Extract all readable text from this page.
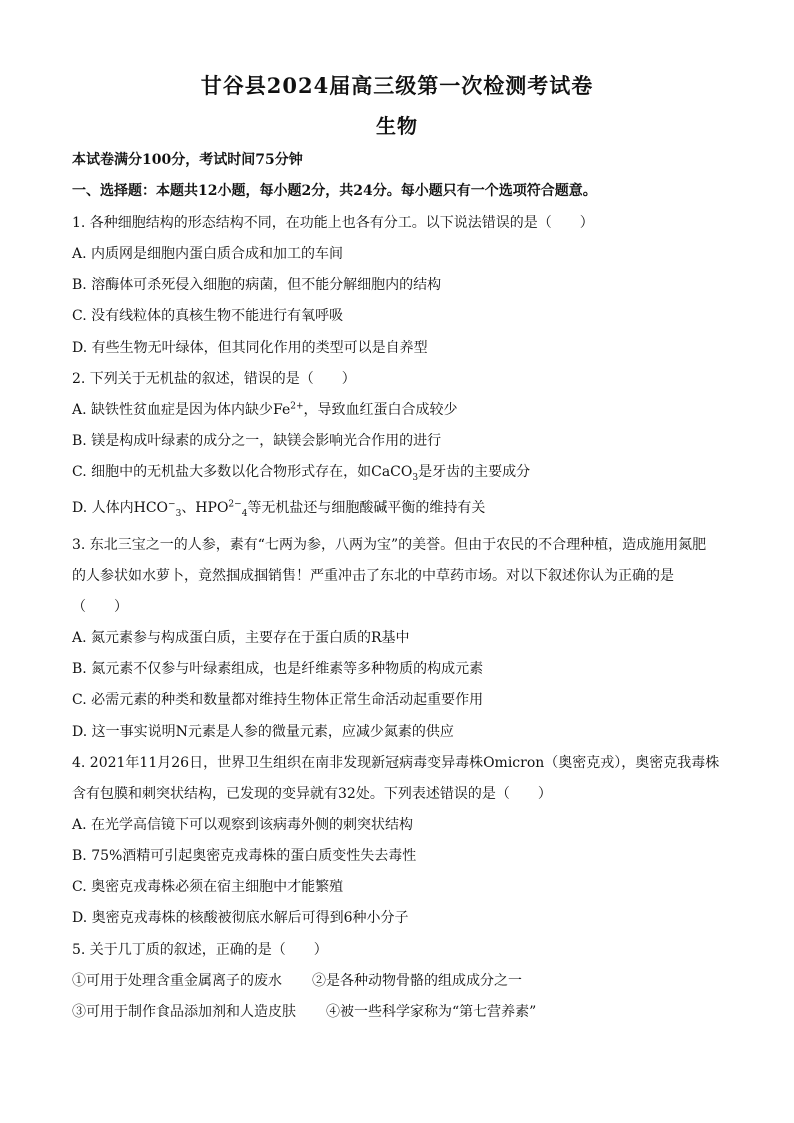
甘谷县2024届高三级第一次检测考试卷
生物
本试卷满分100分，考试时间75分钟
一、选择题：本题共12小题，每小题2分，共24分。每小题只有一个选项符合题意。
1. 各种细胞结构的形态结构不同，在功能上也各有分工。以下说法错误的是（　　）
A. 内质网是细胞内蛋白质合成和加工的车间
B. 溶酶体可杀死侵入细胞的病菌，但不能分解细胞内的结构
C. 没有线粒体的真核生物不能进行有氧呼吸
D. 有些生物无叶绿体，但其同化作用的类型可以是自养型
2. 下列关于无机盐的叙述，错误的是（　　）
A. 缺铁性贫血症是因为体内缺少$Fe^{2+}$，导致血红蛋白合成较少
B. 镁是构成叶绿素的成分之一，缺镁会影响光合作用的进行
C. 细胞中的无机盐大多数以化合物形式存在，如CaCO$_3$是牙齿的主要成分
D. 人体内$HCO^-_3$、$HPO^{2-}_4$等无机盐还与细胞酸碱平衡的维持有关
3. 东北三宝之一的人参，素有“七两为参，八两为宝”的美誉。但由于农民的不合理种植，造成施用氮肥
的人参状如水萝卜，竟然掴成掴销售！严重冲击了东北的中草药市场。对以下叙述你认为正确的是
（　　）
A. 氮元素参与构成蛋白质，主要存在于蛋白质的R基中
B. 氮元素不仅参与叶绿素组成，也是纤维素等多种物质的构成元素
C. 必需元素的种类和数量都对维持生物体正常生命活动起重要作用
D. 这一事实说明N元素是人参的微量元素，应减少氮素的供应
4. 2021年11月26日，世界卫生组织在南非发现新冠病毒变异毒株Omicron（奥密克戎），奥密克我毒株
含有包膜和刺突状结构，已发现的变异就有32处。下列表述错误的是（　　）
A. 在光学高信镜下可以观察到该病毒外侧的刺突状结构
B. 75%酒精可引起奥密克戎毒株的蛋白质变性失去毒性
C. 奥密克戎毒株必须在宿主细胞中才能繁殖
D. 奥密克戎毒株的核酸被彻底水解后可得到6种小分子
5. 关于几丁质的叙述，正确的是（　　）
①可用于处理含重金属离子的废水 ②是各种动物骨骼的组成成分之一
③可用于制作食品添加剂和人造皮肤 ④被一些科学家称为“第七营养素”
